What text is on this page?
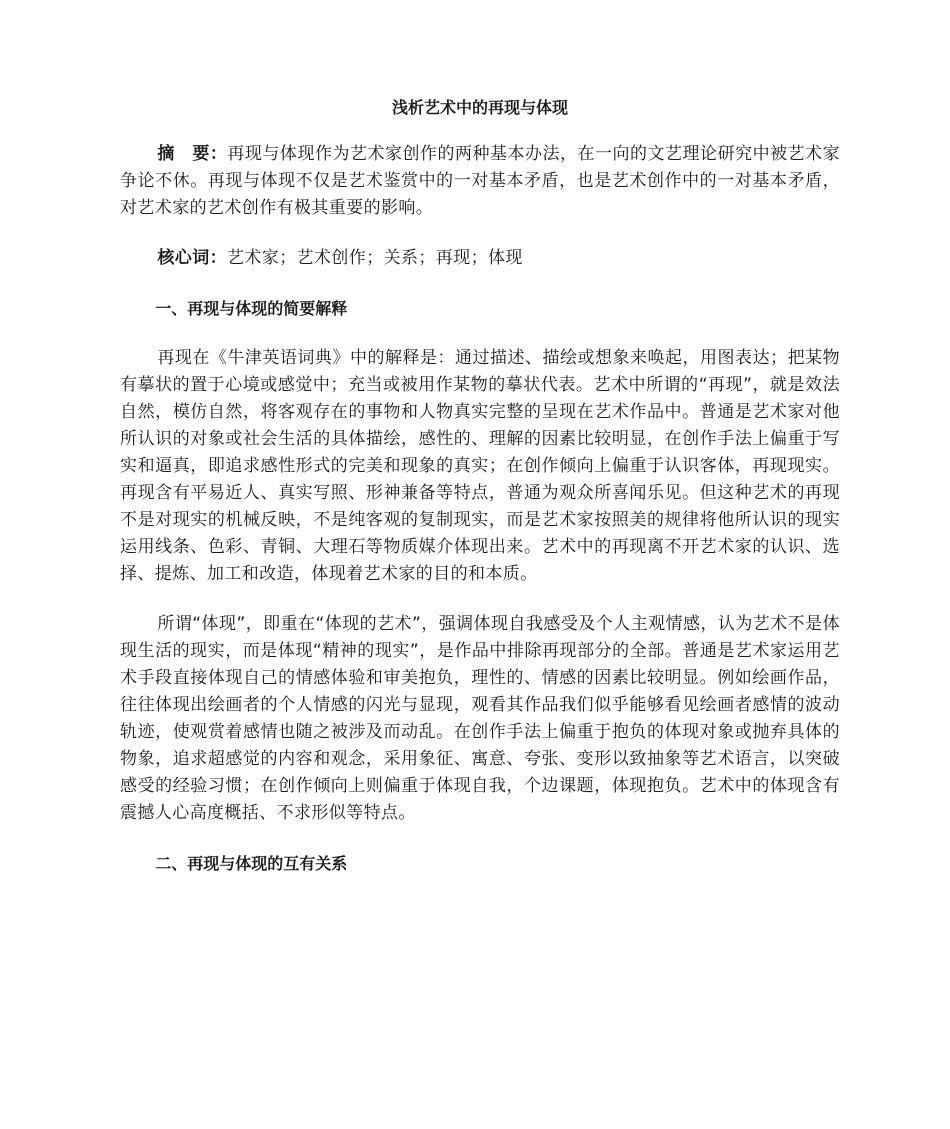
浅析艺术中的再现与体现

摘　要：再现与体现作为艺术家创作的两种基本办法，在一向的文艺理论研究中被艺术家争论不休。再现与体现不仅是艺术鉴赏中的一对基本矛盾，也是艺术创作中的一对基本矛盾，对艺术家的艺术创作有极其重要的影响。

核心词：艺术家；艺术创作；关系；再现；体现

一、再现与体现的简要解释

再现在《牛津英语词典》中的解释是：通过描述、描绘或想象来唤起，用图表达；把某物有摹状的置于心境或感觉中；充当或被用作某物的摹状代表。艺术中所谓的“再现”，就是效法自然，模仿自然，将客观存在的事物和人物真实完整的呈现在艺术作品中。普通是艺术家对他所认识的对象或社会生活的具体描绘，感性的、理解的因素比较明显，在创作手法上偏重于写实和逼真，即追求感性形式的完美和现象的真实；在创作倾向上偏重于认识客体，再现现实。再现含有平易近人、真实写照、形神兼备等特点，普通为观众所喜闻乐见。但这种艺术的再现不是对现实的机械反映，不是纯客观的复制现实，而是艺术家按照美的规律将他所认识的现实运用线条、色彩、青铜、大理石等物质媒介体现出来。艺术中的再现离不开艺术家的认识、选择、提炼、加工和改造，体现着艺术家的目的和本质。

所谓“体现”，即重在“体现的艺术”，强调体现自我感受及个人主观情感，认为艺术不是体现生活的现实，而是体现“精神的现实”，是作品中排除再现部分的全部。普通是艺术家运用艺术手段直接体现自己的情感体验和审美抱负，理性的、情感的因素比较明显。例如绘画作品，往往体现出绘画者的个人情感的闪光与显现，观看其作品我们似乎能够看见绘画者感情的波动轨迹，使观赏着感情也随之被涉及而动乱。在创作手法上偏重于抱负的体现对象或抛弃具体的物象，追求超感觉的内容和观念，采用象征、寓意、夸张、变形以致抽象等艺术语言，以突破感受的经验习惯；在创作倾向上则偏重于体现自我，个边课题，体现抱负。艺术中的体现含有震撼人心高度概括、不求形似等特点。

二、再现与体现的互有关系
